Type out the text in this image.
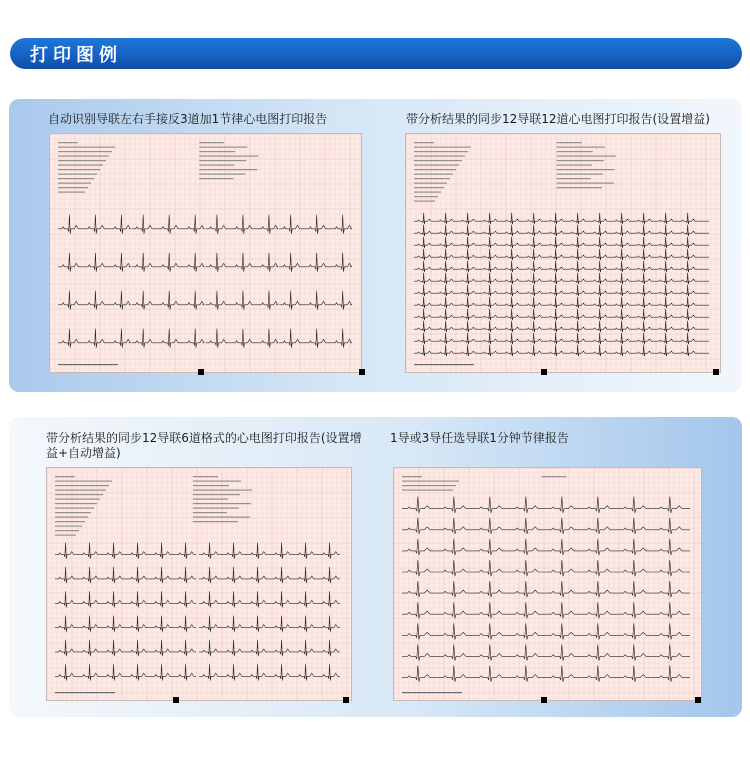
打印图例
自动识别导联左右手接反3道加1节律心电图打印报告	带分析结果的同步12导联12道心电图打印报告(设置增益)
带分析结果的同步12导联6道格式的心电图打印报告(设置增益+自动增益)
1导或3导任选导联1分钟节律报告
